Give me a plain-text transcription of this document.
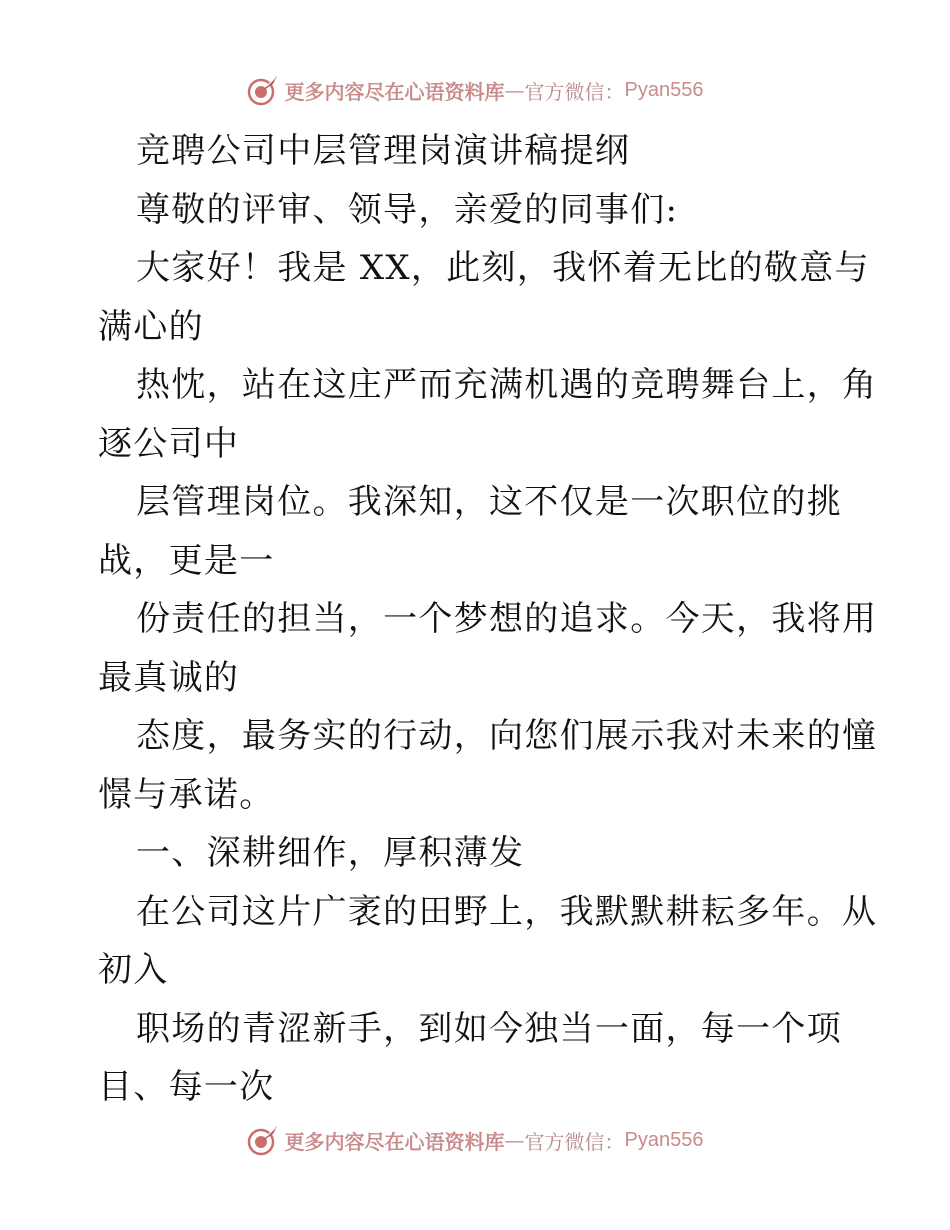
更多内容尽在心语资料库 — 官方微信： Pyan556
竞聘公司中层管理岗演讲稿提纲
尊敬的评审、领导，亲爱的同事们:
大家好！我是 XX，此刻，我怀着无比的敬意与
满心的
热忱，站在这庄严而充满机遇的竞聘舞台上，角
逐公司中
层管理岗位。我深知，这不仅是一次职位的挑
战，更是一
份责任的担当，一个梦想的追求。今天，我将用
最真诚的
态度，最务实的行动，向您们展示我对未来的憧
憬与承诺。
一、深耕细作，厚积薄发
在公司这片广袤的田野上，我默默耕耘多年。从
初入
职场的青涩新手，到如今独当一面，每一个项
目、每一次
更多内容尽在心语资料库 — 官方微信： Pyan556
